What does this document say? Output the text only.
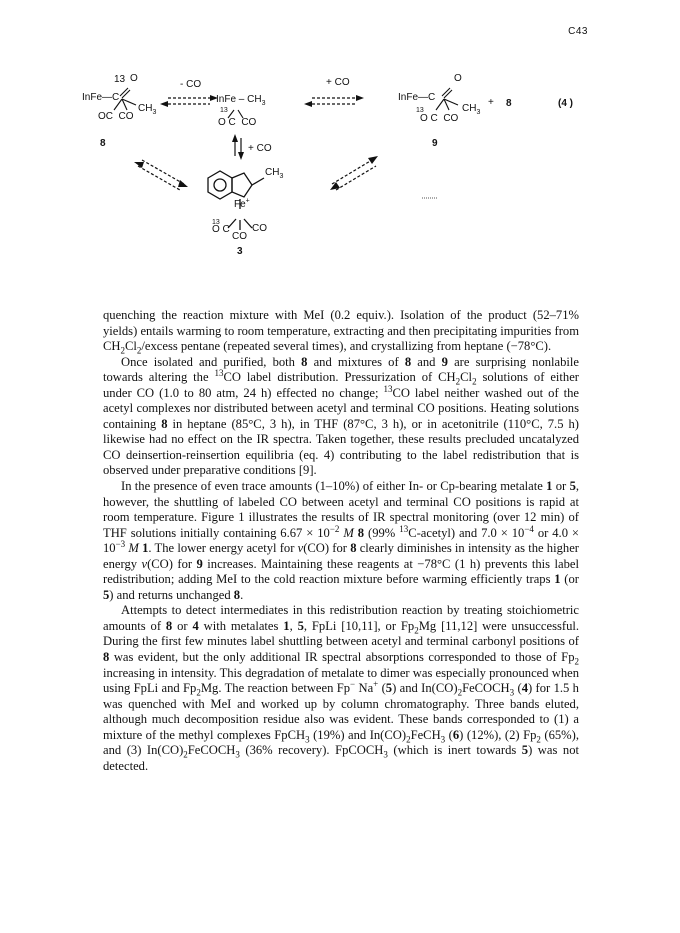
C43
13 O
InFe—C
$CH_3$
OC  CO
8
- CO	+ CO
InFe – $CH_3$
13
O C  CO
O
InFe—C
$CH_3$
13
O C  CO
+ 8	(4 )
9
+ CO
$CH_3$
Fe+
13
O C CO
CO
3

quenching the reaction mixture with MeI (0.2 equiv.). Isolation of the product (52–71% yields) entails warming to room temperature, extracting and then precipitating impurities from $CH_2Cl_2$/excess pentane (repeated several times), and crystallizing from heptane (−78°C).

Once isolated and purified, both 8 and mixtures of 8 and 9 are surprising nonlabile towards altering the $^{13}$CO label distribution. Pressurization of $CH_2Cl_2$ solutions of either under CO (1.0 to 80 atm, 24 h) effected no change; $^{13}$CO label neither washed out of the acetyl complexes nor distributed between acetyl and terminal CO positions. Heating solutions containing 8 in heptane (85°C, 3 h), in THF (87°C, 3 h), or in acetonitrile (110°C, 7.5 h) likewise had no effect on the IR spectra. Taken together, these results precluded uncatalyzed CO deinsertion-reinsertion equilibria (eq. 4) contributing to the label redistribution that is observed under preparative conditions [9].

In the presence of even trace amounts (1–10%) of either In- or Cp-bearing metalate 1 or 5, however, the shuttling of labeled CO between acetyl and terminal CO positions is rapid at room temperature. Figure 1 illustrates the results of IR spectral monitoring (over 12 min) of THF solutions initially containing $6.67 \times 10^{-2}$ M 8 (99% $^{13}$C-acetyl) and $7.0 \times 10^{-4}$ or $4.0 \times 10^{-3}$ M 1. The lower energy acetyl for ν(CO) for 8 clearly diminishes in intensity as the higher energy ν(CO) for 9 increases. Maintaining these reagents at −78°C (1 h) prevents this label redistribution; adding MeI to the cold reaction mixture before warming efficiently traps 1 (or 5) and returns unchanged 8.

Attempts to detect intermediates in this redistribution reaction by treating stoichiometric amounts of 8 or 4 with metalates 1, 5, FpLi [10,11], or $Fp_2Mg$ [11,12] were unsuccessful. During the first few minutes label shuttling between acetyl and terminal carbonyl positions of 8 was evident, but the only additional IR spectral absorptions corresponded to those of $Fp_2$ increasing in intensity. This degradation of metalate to dimer was especially pronounced when using FpLi and $Fp_2Mg$. The reaction between Fp− Na+ (5) and $In(CO)_2FeCOCH_3$ (4) for 1.5 h was quenched with MeI and worked up by column chromatography. Three bands eluted, although much decomposition residue also was evident. These bands corresponded to (1) a mixture of the methyl complexes FpCH$_3$ (19%) and $In(CO)_2FeCH_3$ (6) (12%), (2) $Fp_2$ (65%), and (3) $In(CO)_2FeCOCH_3$ (36% recovery). FpCOCH$_3$ (which is inert towards 5) was not detected.
